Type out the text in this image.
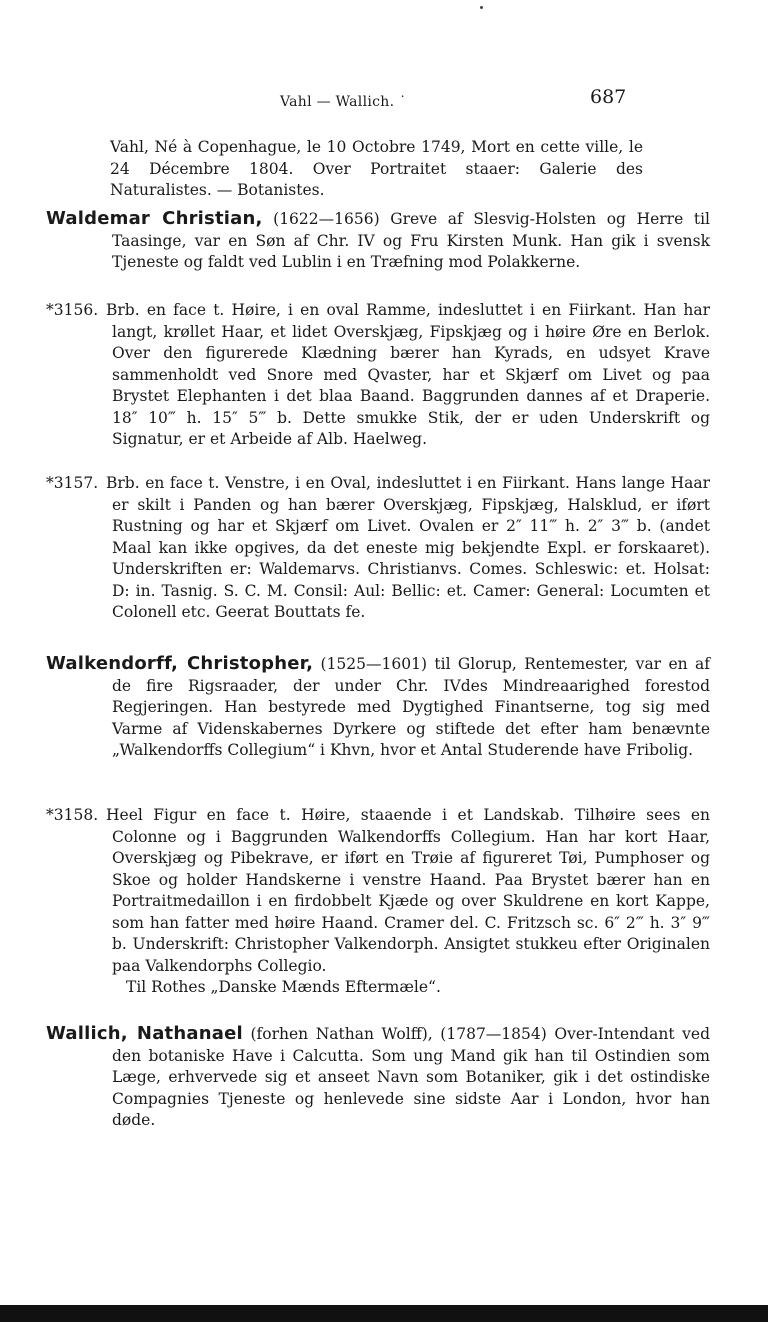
Vahl — Wallich. ˙	687
Vahl, Né à Copenhague, le 10 Octobre 1749, Mort en cette ville, le 24 Décembre 1804. Over Portraitet staaer: Galerie des Naturalistes. — Botanistes.
Waldemar Christian, (1622—1656) Greve af Slesvig-Holsten og Herre til Taasinge, var en Søn af Chr. IV og Fru Kirsten Munk. Han gik i svensk Tjeneste og faldt ved Lublin i en Træfning mod Polakkerne.
*3156. Brb. en face t. Høire, i en oval Ramme, indesluttet i en Fiirkant. Han har langt, krøllet Haar, et lidet Overskjæg, Fipskjæg og i høire Øre en Berlok. Over den figurerede Klædning bærer han Kyrads, en udsyet Krave sammenholdt ved Snore med Qvaster, har et Skjærf om Livet og paa Brystet Elephanten i det blaa Baand. Baggrunden dannes af et Draperie. 18″ 10‴ h. 15″ 5‴ b. Dette smukke Stik, der er uden Underskrift og Signatur, er et Arbeide af Alb. Haelweg.
*3157. Brb. en face t. Venstre, i en Oval, indesluttet i en Fiirkant. Hans lange Haar er skilt i Panden og han bærer Overskjæg, Fipskjæg, Halsklud, er iført Rustning og har et Skjærf om Livet. Ovalen er 2″ 11‴ h. 2″ 3‴ b. (andet Maal kan ikke opgives, da det eneste mig bekjendte Expl. er forskaaret). Underskriften er: Waldemarvs. Christianvs. Comes. Schleswic: et. Holsat: D: in. Tasnig. S. C. M. Consil: Aul: Bellic: et. Camer: General: Locumten et Colonell etc. Geerat Bouttats fe.
Walkendorff, Christopher, (1525—1601) til Glorup, Rentemester, var en af de fire Rigsraader, der under Chr. IVdes Mindreaarighed forestod Regjeringen. Han bestyrede med Dygtighed Finantserne, tog sig med Varme af Videnskabernes Dyrkere og stiftede det efter ham benævnte „Walkendorffs Collegium“ i Khvn, hvor et Antal Studerende have Fribolig.
*3158. Heel Figur en face t. Høire, staaende i et Landskab. Tilhøire sees en Colonne og i Baggrunden Walkendorffs Collegium. Han har kort Haar, Overskjæg og Pibekrave, er iført en Trøie af figureret Tøi, Pumphoser og Skoe og holder Handskerne i venstre Haand. Paa Brystet bærer han en Portraitmedaillon i en firdobbelt Kjæde og over Skuldrene en kort Kappe, som han fatter med høire Haand. Cramer del. C. Fritzsch sc. 6″ 2‴ h. 3″ 9‴ b. Underskrift: Christopher Valkendorph. Ansigtet stukkeu efter Originalen paa Valkendorphs Collegio.
Til Rothes „Danske Mænds Eftermæle“.
Wallich, Nathanael (forhen Nathan Wolff), (1787—1854) Over-Intendant ved den botaniske Have i Calcutta. Som ung Mand gik han til Ostindien som Læge, erhvervede sig et anseet Navn som Botaniker, gik i det ostindiske Compagnies Tjeneste og henlevede sine sidste Aar i London, hvor han døde.
